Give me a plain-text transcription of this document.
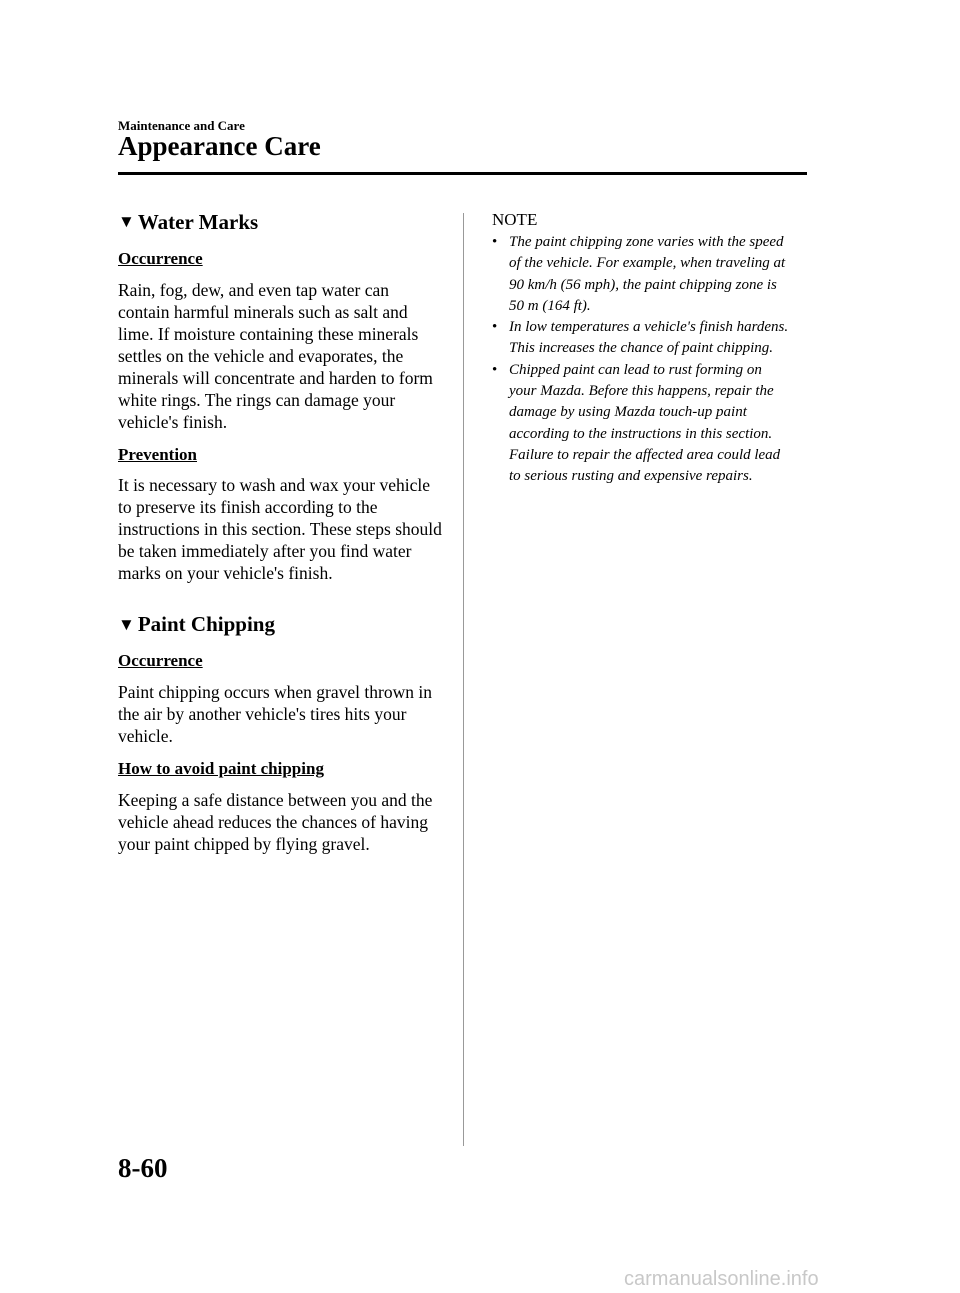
Maintenance and Care
Appearance Care
▼ Water Marks
Occurrence

Rain, fog, dew, and even tap water can contain harmful minerals such as salt and lime. If moisture containing these minerals settles on the vehicle and evaporates, the minerals will concentrate and harden to form white rings. The rings can damage your vehicle's finish.

Prevention

It is necessary to wash and wax your vehicle to preserve its finish according to the instructions in this section. These steps should be taken immediately after you find water marks on your vehicle's finish.

▼ Paint Chipping
Occurrence

Paint chipping occurs when gravel thrown in the air by another vehicle's tires hits your vehicle.

How to avoid paint chipping

Keeping a safe distance between you and the vehicle ahead reduces the chances of having your paint chipped by flying gravel.

NOTE
• The paint chipping zone varies with the speed of the vehicle. For example, when traveling at 90 km/h (56 mph), the paint chipping zone is 50 m (164 ft).
• In low temperatures a vehicle's finish hardens. This increases the chance of paint chipping.
• Chipped paint can lead to rust forming on your Mazda. Before this happens, repair the damage by using Mazda touch-up paint according to the instructions in this section. Failure to repair the affected area could lead to serious rusting and expensive repairs.
8-60
carmanualsonline.info
